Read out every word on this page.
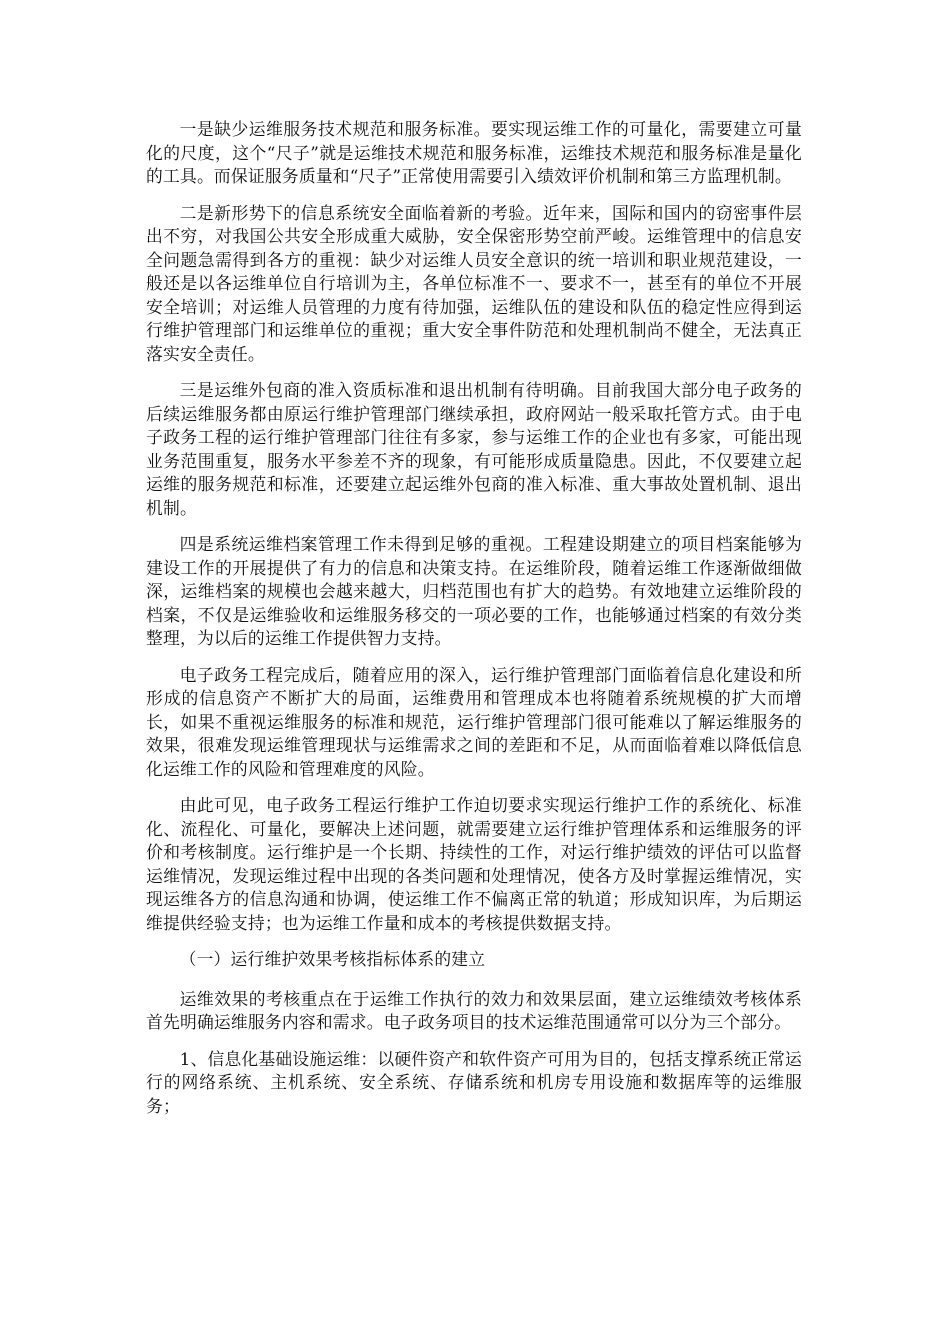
一是缺少运维服务技术规范和服务标准。要实现运维工作的可量化，需要建立可量化的尺度，这个“尺子”就是运维技术规范和服务标准，运维技术规范和服务标准是量化的工具。而保证服务质量和“尺子”正常使用需要引入绩效评价机制和第三方监理机制。

二是新形势下的信息系统安全面临着新的考验。近年来，国际和国内的窃密事件层出不穷，对我国公共安全形成重大威胁，安全保密形势空前严峻。运维管理中的信息安全问题急需得到各方的重视：缺少对运维人员安全意识的统一培训和职业规范建设，一般还是以各运维单位自行培训为主，各单位标准不一、要求不一，甚至有的单位不开展安全培训；对运维人员管理的力度有待加强，运维队伍的建设和队伍的稳定性应得到运行维护管理部门和运维单位的重视；重大安全事件防范和处理机制尚不健全，无法真正落实安全责任。

三是运维外包商的准入资质标准和退出机制有待明确。目前我国大部分电子政务的后续运维服务都由原运行维护管理部门继续承担，政府网站一般采取托管方式。由于电子政务工程的运行维护管理部门往往有多家，参与运维工作的企业也有多家，可能出现业务范围重复，服务水平参差不齐的现象，有可能形成质量隐患。因此，不仅要建立起运维的服务规范和标准，还要建立起运维外包商的准入标准、重大事故处置机制、退出机制。

四是系统运维档案管理工作未得到足够的重视。工程建设期建立的项目档案能够为建设工作的开展提供了有力的信息和决策支持。在运维阶段，随着运维工作逐渐做细做深，运维档案的规模也会越来越大，归档范围也有扩大的趋势。有效地建立运维阶段的档案，不仅是运维验收和运维服务移交的一项必要的工作，也能够通过档案的有效分类整理，为以后的运维工作提供智力支持。

电子政务工程完成后，随着应用的深入，运行维护管理部门面临着信息化建设和所形成的信息资产不断扩大的局面，运维费用和管理成本也将随着系统规模的扩大而增长，如果不重视运维服务的标准和规范，运行维护管理部门很可能难以了解运维服务的效果，很难发现运维管理现状与运维需求之间的差距和不足，从而面临着难以降低信息化运维工作的风险和管理难度的风险。

由此可见，电子政务工程运行维护工作迫切要求实现运行维护工作的系统化、标准化、流程化、可量化，要解决上述问题，就需要建立运行维护管理体系和运维服务的评价和考核制度。运行维护是一个长期、持续性的工作，对运行维护绩效的评估可以监督运维情况，发现运维过程中出现的各类问题和处理情况，使各方及时掌握运维情况，实现运维各方的信息沟通和协调，使运维工作不偏离正常的轨道；形成知识库，为后期运维提供经验支持；也为运维工作量和成本的考核提供数据支持。

（一）运行维护效果考核指标体系的建立

运维效果的考核重点在于运维工作执行的效力和效果层面，建立运维绩效考核体系首先明确运维服务内容和需求。电子政务项目的技术运维范围通常可以分为三个部分。

1、信息化基础设施运维：以硬件资产和软件资产可用为目的，包括支撑系统正常运行的网络系统、主机系统、安全系统、存储系统和机房专用设施和数据库等的运维服务；
